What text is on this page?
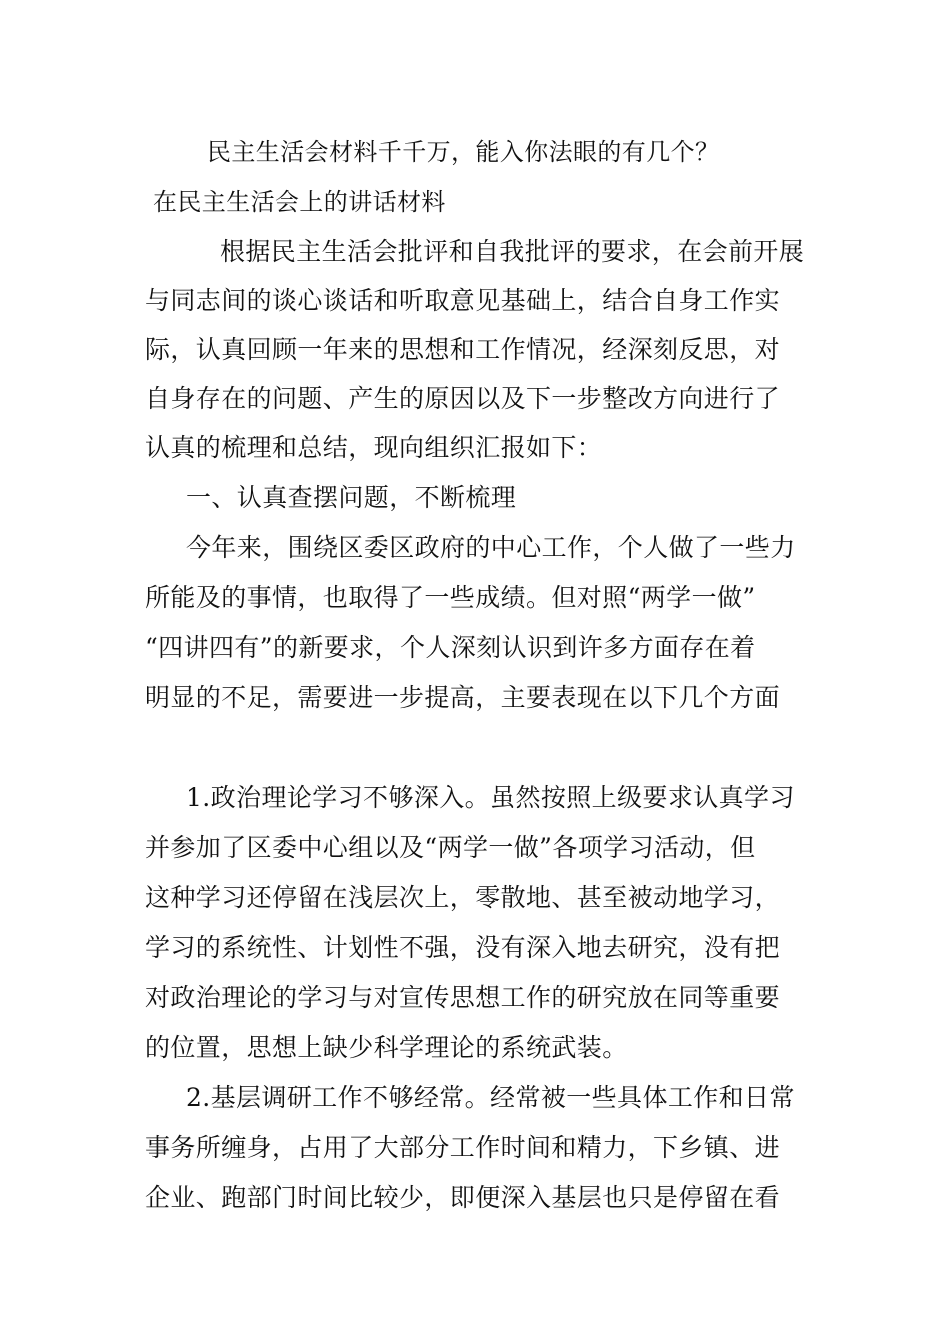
民主生活会材料千千万，能入你法眼的有几个？
在民主生活会上的讲话材料
根据民主生活会批评和自我批评的要求，在会前开展
与同志间的谈心谈话和听取意见基础上，结合自身工作实
际，认真回顾一年来的思想和工作情况，经深刻反思，对
自身存在的问题、产生的原因以及下一步整改方向进行了
认真的梳理和总结，现向组织汇报如下：
一、认真查摆问题，不断梳理
今年来，围绕区委区政府的中心工作，个人做了一些力
所能及的事情，也取得了一些成绩。但对照“两学一做”
“四讲四有”的新要求，个人深刻认识到许多方面存在着
明显的不足，需要进一步提高，主要表现在以下几个方面
1.政治理论学习不够深入。虽然按照上级要求认真学习
并参加了区委中心组以及“两学一做”各项学习活动，但
这种学习还停留在浅层次上，零散地、甚至被动地学习，
学习的系统性、计划性不强，没有深入地去研究，没有把
对政治理论的学习与对宣传思想工作的研究放在同等重要
的位置，思想上缺少科学理论的系统武装。
2.基层调研工作不够经常。经常被一些具体工作和日常
事务所缠身，占用了大部分工作时间和精力，下乡镇、进
企业、跑部门时间比较少，即便深入基层也只是停留在看
